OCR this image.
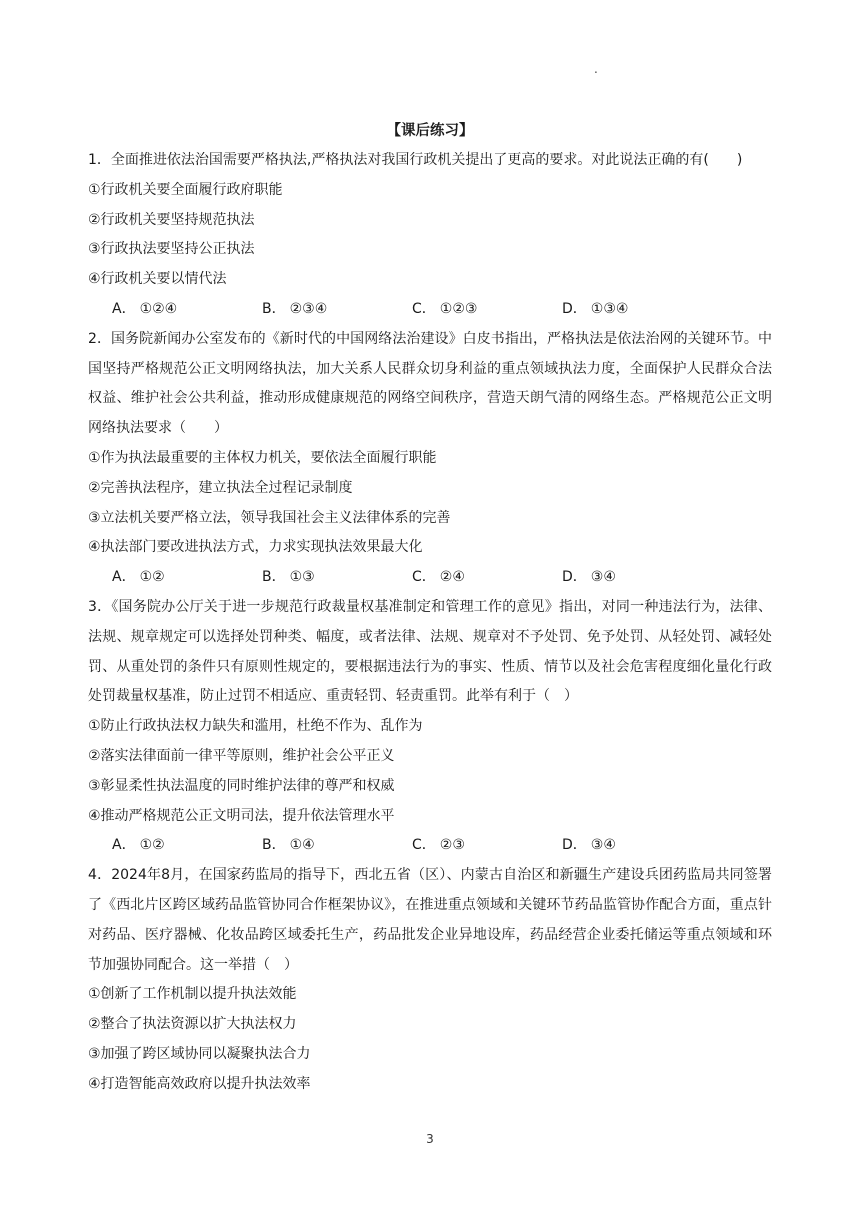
.
【课后练习】
1．全面推进依法治国需要严格执法,严格执法对我国行政机关提出了更高的要求。对此说法正确的有(　　)
①行政机关要全面履行政府职能
②行政机关要坚持规范执法
③行政执法要坚持公正执法
④行政机关要以情代法
A． ①②④	B． ②③④	C． ①②③	D． ①③④
2．国务院新闻办公室发布的《新时代的中国网络法治建设》白皮书指出，严格执法是依法治网的关键环节。中国坚持严格规范公正文明网络执法，加大关系人民群众切身利益的重点领域执法力度，全面保护人民群众合法权益、维护社会公共利益，推动形成健康规范的网络空间秩序，营造天朗气清的网络生态。严格规范公正文明网络执法要求（　　）
①作为执法最重要的主体权力机关，要依法全面履行职能
②完善执法程序，建立执法全过程记录制度
③立法机关要严格立法，领导我国社会主义法律体系的完善
④执法部门要改进执法方式，力求实现执法效果最大化
A． ①②	B． ①③	C． ②④	D． ③④
3．《国务院办公厅关于进一步规范行政裁量权基准制定和管理工作的意见》指出，对同一种违法行为，法律、法规、规章规定可以选择处罚种类、幅度，或者法律、法规、规章对不予处罚、免予处罚、从轻处罚、减轻处罚、从重处罚的条件只有原则性规定的，要根据违法行为的事实、性质、情节以及社会危害程度细化量化行政处罚裁量权基准，防止过罚不相适应、重责轻罚、轻责重罚。此举有利于（　）
①防止行政执法权力缺失和滥用，杜绝不作为、乱作为
②落实法律面前一律平等原则，维护社会公平正义
③彰显柔性执法温度的同时维护法律的尊严和权威
④推动严格规范公正文明司法，提升依法管理水平
A． ①②	B． ①④	C． ②③	D． ③④
4．2024年8月，在国家药监局的指导下，西北五省（区）、内蒙古自治区和新疆生产建设兵团药监局共同签署了《西北片区跨区域药品监管协同合作框架协议》，在推进重点领域和关键环节药品监管协作配合方面，重点针对药品、医疗器械、化妆品跨区域委托生产，药品批发企业异地设库，药品经营企业委托储运等重点领域和环节加强协同配合。这一举措（　）
①创新了工作机制以提升执法效能
②整合了执法资源以扩大执法权力
③加强了跨区域协同以凝聚执法合力
④打造智能高效政府以提升执法效率
3
